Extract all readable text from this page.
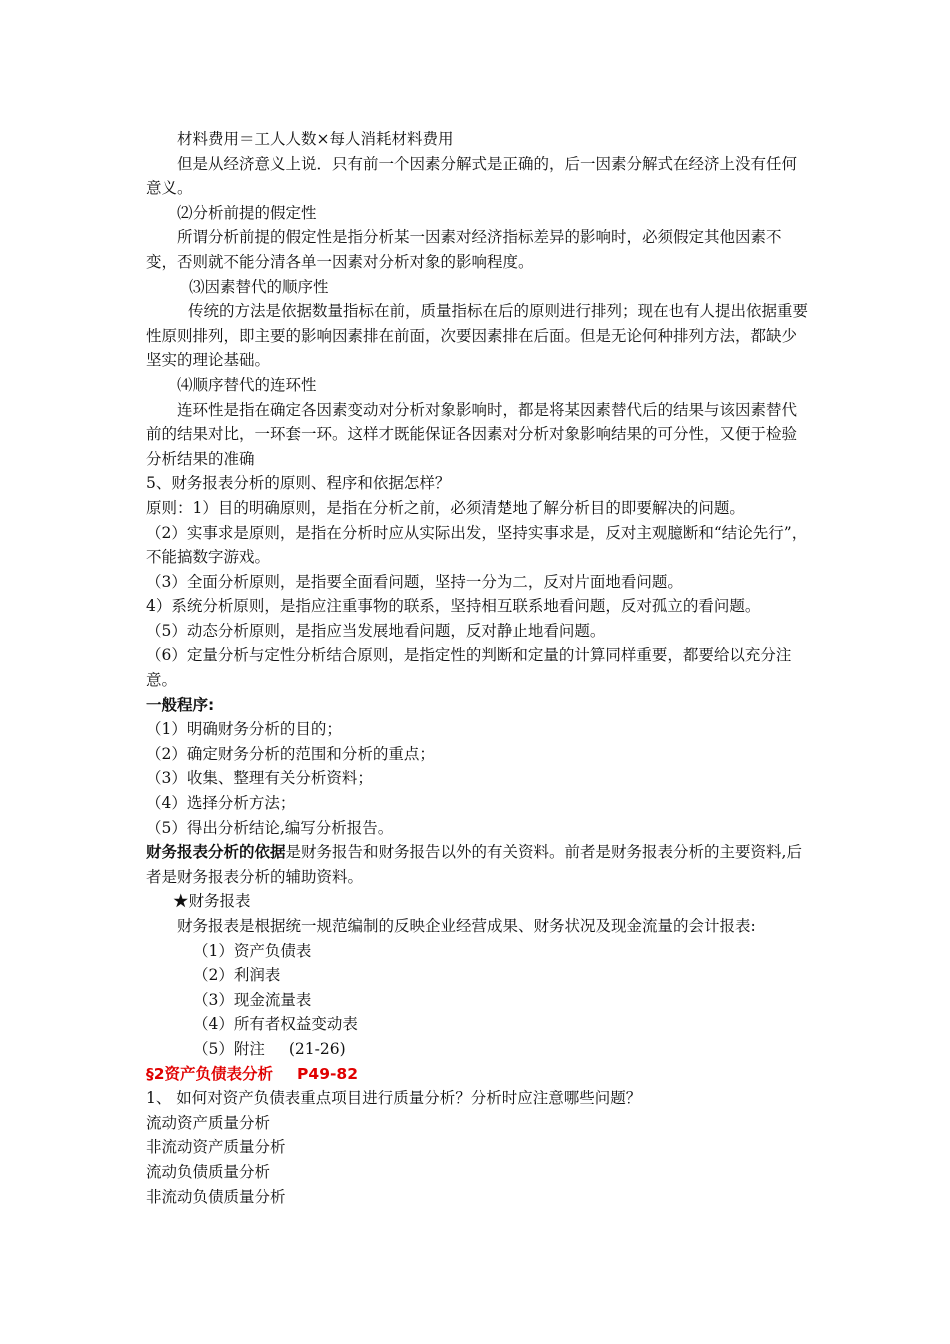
材料费用＝工人人数×每人消耗材料费用
但是从经济意义上说．只有前一个因素分解式是正确的，后一因素分解式在经济上没有任何意义。
⑵分析前提的假定性
所谓分析前提的假定性是指分析某一因素对经济指标差异的影响时，必须假定其他因素不变，否则就不能分清各单一因素对分析对象的影响程度。
⑶因素替代的顺序性
传统的方法是依据数量指标在前，质量指标在后的原则进行排列；现在也有人提出依据重要性原则排列，即主要的影响因素排在前面，次要因素排在后面。但是无论何种排列方法，都缺少坚实的理论基础。
⑷顺序替代的连环性
连环性是指在确定各因素变动对分析对象影响时，都是将某因素替代后的结果与该因素替代前的结果对比，一环套一环。这样才既能保证各因素对分析对象影响结果的可分性，又便于检验分析结果的准确
5、财务报表分析的原则、程序和依据怎样？
原则：1）目的明确原则，是指在分析之前，必须清楚地了解分析目的即要解决的问题。
（2）实事求是原则，是指在分析时应从实际出发，坚持实事求是，反对主观臆断和“结论先行”，不能搞数字游戏。
（3）全面分析原则，是指要全面看问题，坚持一分为二，反对片面地看问题。
4）系统分析原则，是指应注重事物的联系，坚持相互联系地看问题，反对孤立的看问题。
（5）动态分析原则，是指应当发展地看问题，反对静止地看问题。
（6）定量分析与定性分析结合原则，是指定性的判断和定量的计算同样重要，都要给以充分注意。
一般程序:
（1）明确财务分析的目的；
（2）确定财务分析的范围和分析的重点；
（3）收集、整理有关分析资料；
（4）选择分析方法；
（5）得出分析结论,编写分析报告。
财务报表分析的依据是财务报告和财务报告以外的有关资料。前者是财务报表分析的主要资料,后者是财务报表分析的辅助资料。
★财务报表
财务报表是根据统一规范编制的反映企业经营成果、财务状况及现金流量的会计报表:
（1）资产负债表
（2）利润表
（3）现金流量表
（4）所有者权益变动表
（5）附注 (21-26)
§2资产负债表分析 P49-82
1、 如何对资产负债表重点项目进行质量分析？分析时应注意哪些问题？
流动资产质量分析
非流动资产质量分析
流动负债质量分析
非流动负债质量分析
